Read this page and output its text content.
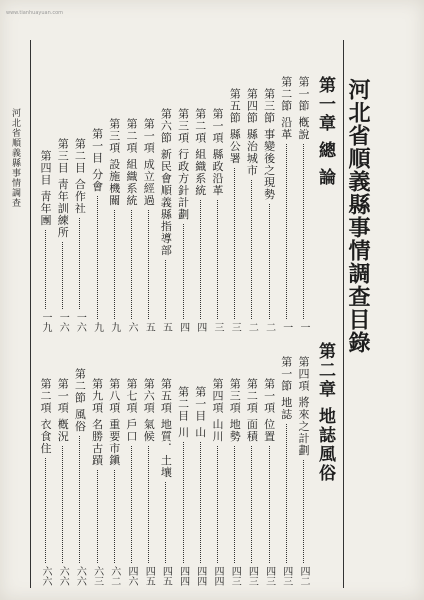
www.tianhuayuan.com
河北省順義縣事情調查目錄
第一章 總 論
第二章 地誌風俗
第一節 槪說
一
第二節 沿革
一
第三節 事變後之現勢
二
第四節 縣治城市
二
第五節 縣公署
三
第一項 縣政沿革
三
第二項 組織系統
四
第三項 行政方針計劃
四
第六節 新民會順義縣指導部
五
第一項 成立經過
五
第二項 組織系統
六
第三項 設施機關
九
第一目 分會
九
第二目 合作社
一六
第三目 靑年訓練所
一六
第四目 靑年團
一九
第四項 將來之計劃
四二
第一節 地誌
四三
第一項 位置
四三
第二項 面積
四三
第三項 地勢
四三
第四項 山川
四四
第一目 山
四四
第二目 川
四四
第五項 地質．土壤
四五
第六項 氣候
四五
第七項 戶口
四六
第八項 重要市鎭
六二
第九項 名勝古蹟
六三
第二節 風俗
六六
第一項 槪況
六六
第二項 衣食住
六六
河北省順義縣事情調查
